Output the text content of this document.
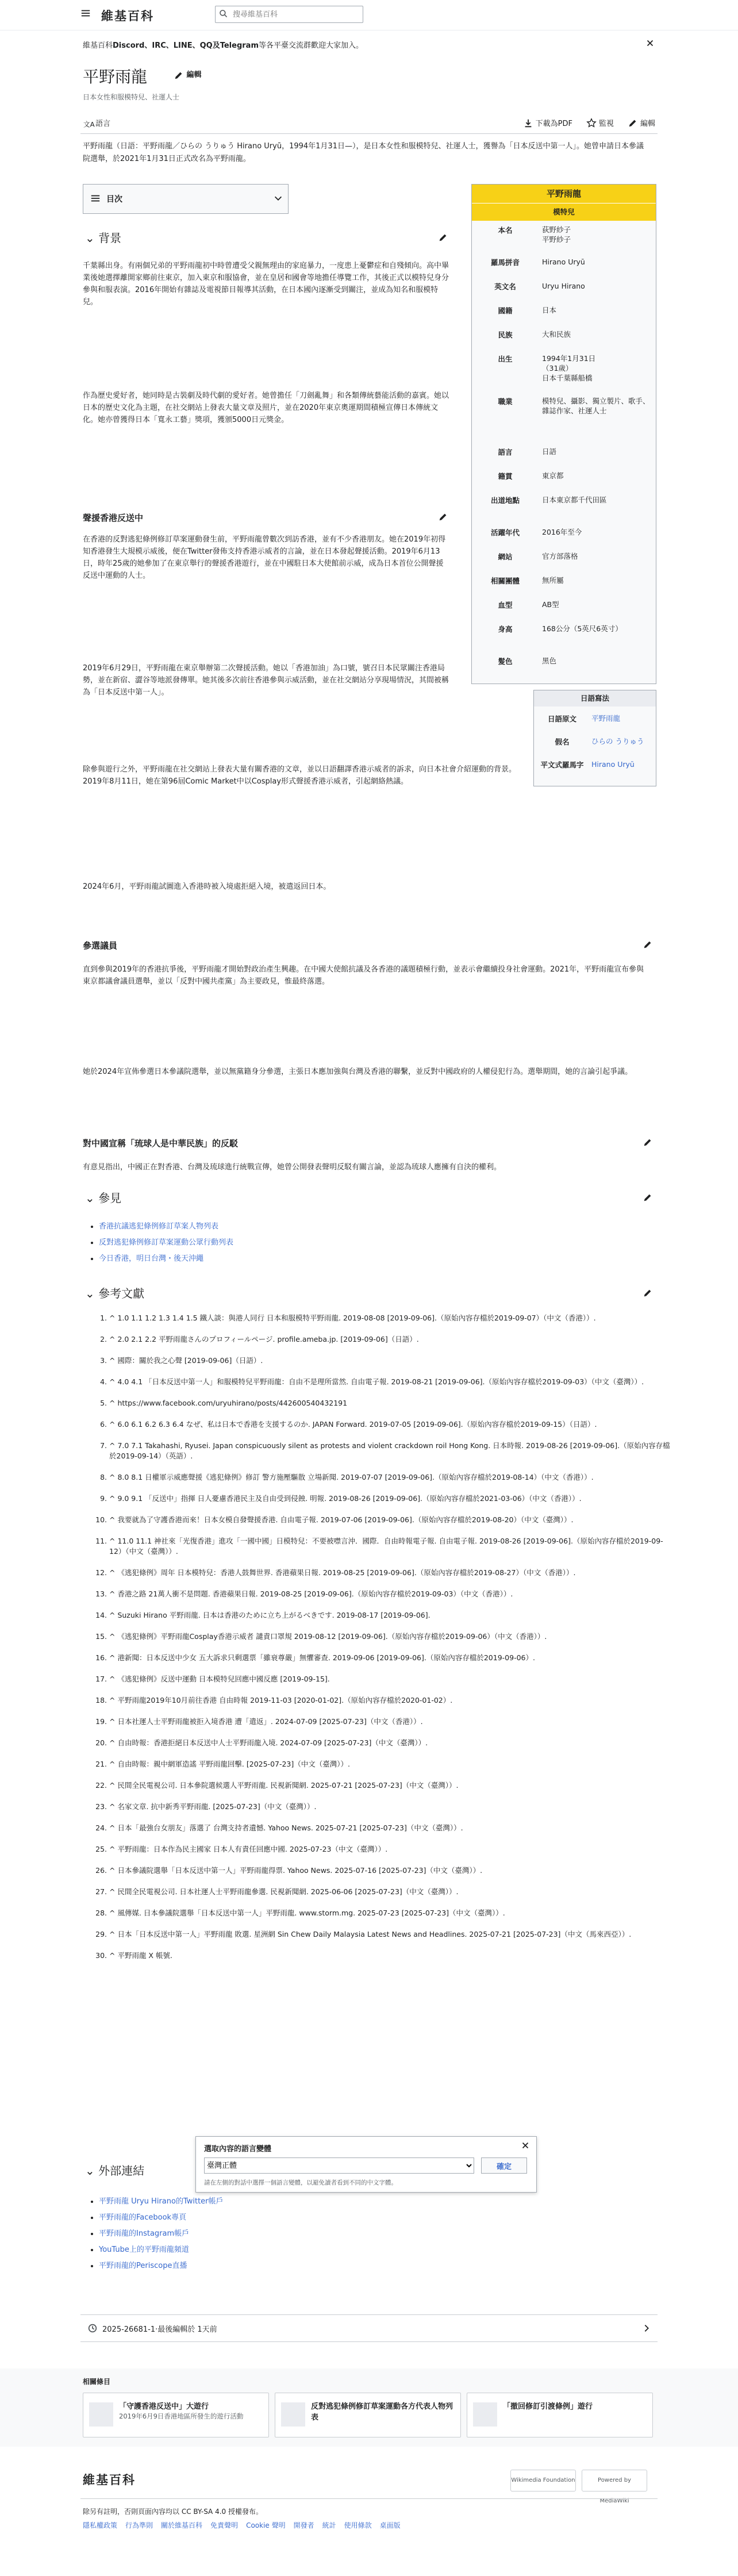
維基百科
搜尋維基百科
維基百科Discord、IRC、LINE、QQ及Telegram等各平臺交流群歡迎大家加入。
平野雨龍	編輯
日本女性和服模特兒、社運人士
文A 語言	下載為PDF	監視	編輯
平野雨龍（日語：平野雨龍／ひらの うりゅう Hirano Uryū，1994年1月31日—），是日本女性和服模特兒、社運人士，獲譽為「日本反送中第一人」。她曾申請日本參議院選舉，於2021年1月31日正式改名為平野雨龍。
目次
⌄ 背景
千葉縣出身。有兩個兄弟的平野雨龍初中時曾遭受父親無理由的家庭暴力，一度患上憂鬱症和自殘傾向。高中畢業後她選擇離開家鄉前往東京，加入東京和服協會，並在皇居和國會等地擔任導覽工作，其後正式以模特兒身分參與和服表演。2016年開始有雜誌及電視節目報導其活動，在日本國內逐漸受到關注，並成為知名和服模特兒。
作為歷史愛好者，她同時是古裝劇及時代劇的愛好者。她曾擔任「刀劍亂舞」和各類傳統藝能活動的嘉賓。她以日本的歷史文化為主題，在社交網站上發表大量文章及照片，並在2020年東京奧運期間積極宣傳日本傳統文化。她亦曾獲得日本「寬永工藝」獎項，獲頒5000日元獎金。
聲援香港反送中
在香港的反對逃犯條例修訂草案運動發生前，平野雨龍曾數次到訪香港，並有不少香港朋友。她在2019年初得知香港發生大規模示威後，便在Twitter發佈支持香港示威者的言論，並在日本發起聲援活動。2019年6月13日，時年25歲的她參加了在東京舉行的聲援香港遊行，並在中國駐日本大使館前示威，成為日本首位公開聲援反送中運動的人士。
2019年6月29日，平野雨龍在東京舉辦第二次聲援活動。她以「香港加油」為口號，號召日本民眾關注香港局勢，並在新宿、澀谷等地派發傳單。她其後多次前往香港參與示威活動，並在社交網站分享現場情況，其間被稱為「日本反送中第一人」。
除參與遊行之外，平野雨龍在社交網站上發表大量有關香港的文章，並以日語翻譯香港示威者的訴求，向日本社會介紹運動的背景。2019年8月11日，她在第96屆Comic Market中以Cosplay形式聲援香港示威者，引起網絡熱議。
2024年6月，平野雨龍試圖進入香港時被入境處拒絕入境，被遣返回日本。
參選議員
直到參與2019年的香港抗爭後，平野雨龍才開始對政治產生興趣。在中國大使館抗議及各香港的議題積極行動，並表示會繼續投身社會運動。2021年，平野雨龍宣布參與東京都議會議員選舉，並以「反對中國共產黨」為主要政見，惟最終落選。
她於2024年宣佈參選日本參議院選舉，並以無黨籍身分參選，主張日本應加強與台灣及香港的聯繫，並反對中國政府的人權侵犯行為。選舉期間，她的言論引起爭議。
對中國宣稱「琉球人是中華民族」的反駁
有意見指出，中國正在對香港、台灣及琉球進行統戰宣傳，她曾公開發表聲明反駁有關言論，並認為琉球人應擁有自決的權利。
⌄ 參見
• 香港抗議逃犯條例修訂草案人物列表
• 反對逃犯條例修訂草案運動公眾行動列表
• 今日香港，明日台灣・後天沖繩
⌄ 參考文獻
1. ^ 1.0 1.1 1.2 1.3 1.4 1.5 鐵人談：與港人同行 日本和服模特平野雨龍. 2019-08-08 [2019-09-06].（原始內容存檔於2019-09-07）（中文（香港））.
2. ^ 2.0 2.1 2.2 平野雨龍さんのプロフィールページ. profile.ameba.jp. [2019-09-06]（日語）.
3. ^ 國際：關於我之心聲 [2019-09-06]（日語）.
4. ^ 4.0 4.1 「日本反送中第一人」和服模特兒平野雨龍：自由不是理所當然. 自由電子報. 2019-08-21 [2019-09-06].（原始內容存檔於2019-09-03）（中文（臺灣））.
5. ^ https://www.facebook.com/uryuhirano/posts/442600540432191
6. ^ 6.0 6.1 6.2 6.3 6.4 なぜ、私は日本で香港を支援するのか. JAPAN Forward. 2019-07-05 [2019-09-06].（原始內容存檔於2019-09-15）（日語）.
7. ^ 7.0 7.1 Takahashi, Ryusei. Japan conspicuously silent as protests and violent crackdown roil Hong Kong. 日本時報. 2019-08-26 [2019-09-06].（原始內容存檔於2019-09-14）（英語）.
8. ^ 8.0 8.1 日權軍示威應聲援《逃犯條例》修訂 警方施壓驅散 立場新聞. 2019-07-07 [2019-09-06].（原始內容存檔於2019-08-14）（中文（香港））.
9. ^ 9.0 9.1 「反送中」指揮 日人憂慮香港民主及自由受到侵蝕. 明報. 2019-08-26 [2019-09-06].（原始內容存檔於2021-03-06）（中文（香港））.
10. ^ 我要就為了守護香港而來！日本女模自發聲援香港. 自由電子報. 2019-07-06 [2019-09-06].（原始內容存檔於2019-08-20）（中文（臺灣））.
11. ^ 11.0 11.1 神社來「光復香港」進攻「一國中國」日模特兒：不要被噤言沖．國際．自由時報電子報. 自由電子報. 2019-08-26 [2019-09-06].（原始內容存檔於2019-09-12）（中文（臺灣））.
12. ^ 《逃犯條例》周年 日本模特兒：香港人鼓舞世界. 香港蘋果日報. 2019-08-25 [2019-09-06].（原始內容存檔於2019-08-27）（中文（香港））.
13. ^ 香港之路 21萬人衝不是問題. 香港蘋果日報. 2019-08-25 [2019-09-06].（原始內容存檔於2019-09-03）（中文（香港））.
14. ^ Suzuki Hirano 平野雨龍. 日本は香港のために立ち上がるべきです. 2019-08-17 [2019-09-06].
15. ^ 《逃犯條例》平野雨龍Cosplay香港示威者 譴責口罩規 2019-08-12 [2019-09-06].（原始內容存檔於2019-09-06）（中文（香港））.
16. ^ 港新聞：日本反送中少女 五大訴求只剩選票「雖衰尊嚴」無懼審查. 2019-09-06 [2019-09-06].（原始內容存檔於2019-09-06）.
17. ^ 《逃犯條例》反送中運動 日本模特兒回應中國反應 [2019-09-15].
18. ^ 平野雨龍2019年10月前往香港 自由時報 2019-11-03 [2020-01-02].（原始內容存檔於2020-01-02）.
19. ^ 日本社運人士平野雨龍被拒入境香港 遭「遣返」. 2024-07-09 [2025-07-23]（中文（香港））.
20. ^ 自由時報：香港拒絕日本反送中人士平野雨龍入境. 2024-07-09 [2025-07-23]（中文（臺灣））.
21. ^ 自由時報：親中網軍造謠 平野雨龍回擊. [2025-07-23]（中文（臺灣））.
22. ^ 民間全民電視公司. 日本參院選候選人平野雨龍. 民視新聞網. 2025-07-21 [2025-07-23]（中文（臺灣））.
23. ^ 名家文章. 抗中新秀平野雨龍. [2025-07-23]（中文（臺灣））.
24. ^ 日本「最強台女朋友」落選了 台灣支持者遺憾. Yahoo News. 2025-07-21 [2025-07-23]（中文（臺灣））.
25. ^ 平野雨龍：日本作為民主國家 日本人有責任回應中國. 2025-07-23（中文（臺灣））.
26. ^ 日本參議院選舉「日本反送中第一人」平野雨龍得票. Yahoo News. 2025-07-16 [2025-07-23]（中文（臺灣））.
27. ^ 民間全民電視公司. 日本社運人士平野雨龍參選. 民視新聞網. 2025-06-06 [2025-07-23]（中文（臺灣））.
28. ^ 風傳媒. 日本參議院選舉「日本反送中第一人」平野雨龍. www.storm.mg. 2025-07-23 [2025-07-23]（中文（臺灣））.
29. ^ 日本「日本反送中第一人」平野雨龍 敗選. 星洲網 Sin Chew Daily Malaysia Latest News and Headlines. 2025-07-21 [2025-07-23]（中文（馬來西亞））.
30. ^ 平野雨龍 X 帳號.
⌄ 外部連結
• 平野雨龍 Uryu Hirano的Twitter帳戶
• 平野雨龍的Facebook專頁
• 平野雨龍的Instagram帳戶
• YouTube上的平野雨龍頻道
• 平野雨龍的Periscope直播
平野雨龍
模特兒
本名	荻野紗子
平野紗子
羅馬拼音	Hirano Uryū
英文名	Uryu Hirano
國籍	日本
民族	大和民族
出生	1994年1月31日
（31歲）
日本千葉縣船橋
職業	模特兒、攝影、獨立製片、歌手、雜誌作家、社運人士
語言	日語
籍貫	東京都
出道地點	日本東京都千代田區
活躍年代	2016年至今
網站	官方部落格
相關團體	無所屬
血型	AB型
身高	168公分（5英尺6英寸）
髮色	黑色
日語寫法
日語原文	平野雨龍
假名	ひらの うりゅう
平文式羅馬字	Hirano Uryū
選取內容的語言變體
臺灣正體
確定
請在左側的對話中選擇一個語言變體，以避免讀者看到不同的中文字體。
2025-26681-1·最後編輯於 1天前
相關條目
「守護香港反送中」大遊行
2019年6月9日香港地區所發生的遊行活動
反對逃犯條例修訂草案運動各方代表人物列表
「撤回修訂引渡條例」遊行
維基百科	Wikimedia Foundation	Powered by MediaWiki
除另有註明，否則頁面內容均以 CC BY-SA 4.0 授權發布。
隱私權政策 行為準則 關於維基百科 免責聲明 Cookie 聲明 開發者 統計 使用條款 桌面版
